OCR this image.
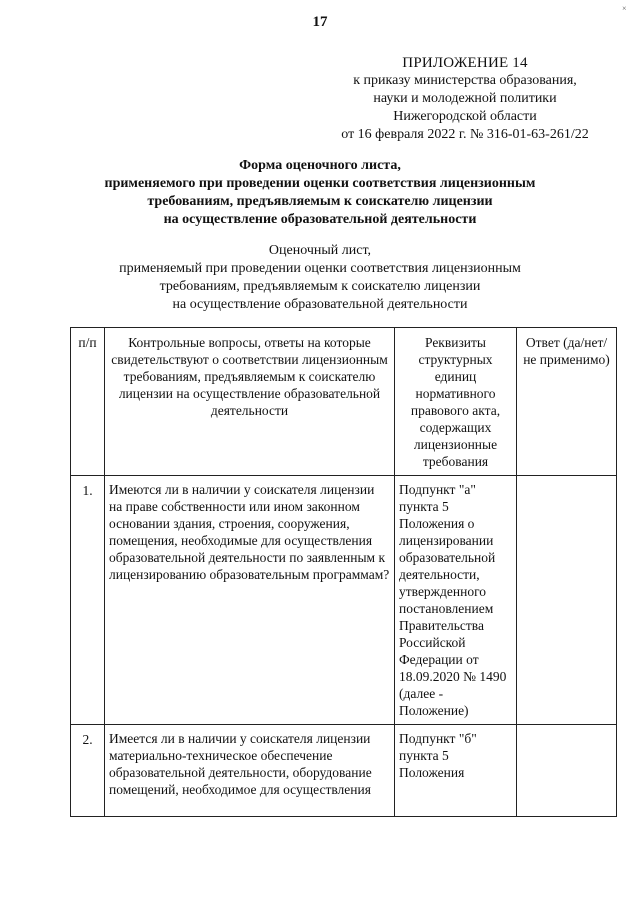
17
×
ПРИЛОЖЕНИЕ 14
к приказу министерства образования,
науки и молодежной политики
Нижегородской области
от 16 февраля 2022 г. № 316-01-63-261/22
Форма оценочного листа,
применяемого при проведении оценки соответствия лицензионным
требованиям, предъявляемым к соискателю лицензии
на осуществление образовательной деятельности
Оценочный лист,
применяемый при проведении оценки соответствия лицензионным
требованиям, предъявляемым к соискателю лицензии
на осуществление образовательной деятельности
п/п	Контрольные вопросы, ответы на которые свидетельствуют о соответствии лицензионным требованиям, предъявляемым к соискателю лицензии на осуществление образовательной деятельности	Реквизиты структурных единиц нормативного правового акта, содержащих лицензионные требования	Ответ (да/нет/не применимо)
1.	Имеются ли в наличии у соискателя лицензии на праве собственности или ином законном основании здания, строения, сооружения, помещения, необходимые для осуществления образовательной деятельности по заявленным к лицензированию образовательным программам?	Подпункт "а" пункта 5 Положения о лицензировании образовательной деятельности, утвержденного постановлением Правительства Российской Федерации от 18.09.2020 № 1490 (далее - Положение)	
2.	Имеется ли в наличии у соискателя лицензии материально-техническое обеспечение образовательной деятельности, оборудование помещений, необходимое для осуществления	Подпункт "б" пункта 5 Положения	
